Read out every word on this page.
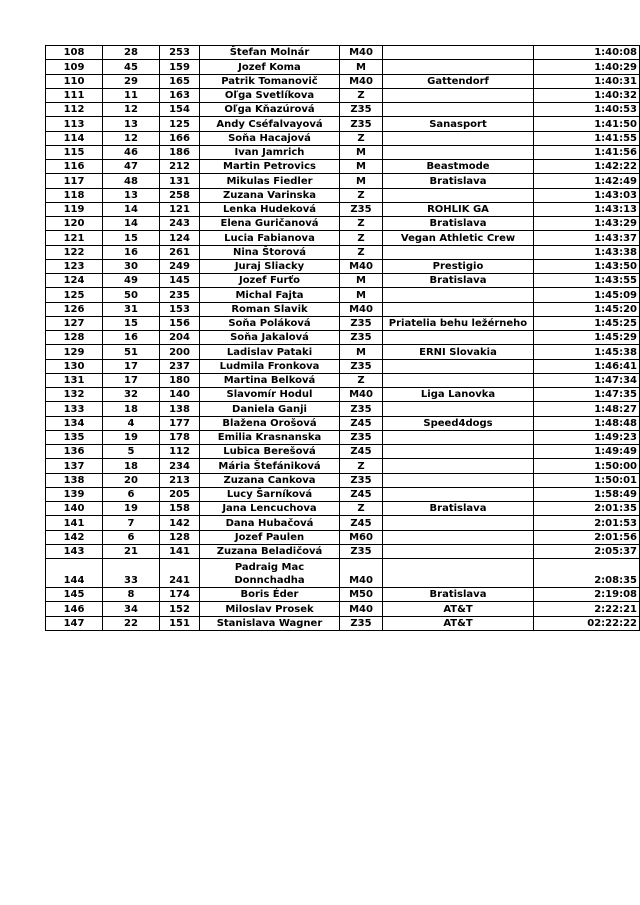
108	28	253	Štefan Molnár	M40		1:40:08
109	45	159	Jozef Koma	M		1:40:29
110	29	165	Patrik Tomanovič	M40	Gattendorf	1:40:31
111	11	163	Oľga Svetlíkova	Z		1:40:32
112	12	154	Oľga Kňazúrová	Z35		1:40:53
113	13	125	Andy Cséfalvayová	Z35	Sanasport	1:41:50
114	12	166	Soňa Hacajová	Z		1:41:55
115	46	186	Ivan Jamrich	M		1:41:56
116	47	212	Martin Petrovics	M	Beastmode	1:42:22
117	48	131	Mikulas Fiedler	M	Bratislava	1:42:49
118	13	258	Zuzana Varinska	Z		1:43:03
119	14	121	Lenka Hudeková	Z35	ROHLIK GA	1:43:13
120	14	243	Elena Guričanová	Z	Bratislava	1:43:29
121	15	124	Lucia Fabianova	Z	Vegan Athletic Crew	1:43:37
122	16	261	Nina Štorová	Z		1:43:38
123	30	249	Juraj Sliacky	M40	Prestigio	1:43:50
124	49	145	Jozef Furťo	M	Bratislava	1:43:55
125	50	235	Michal Fajta	M		1:45:09
126	31	153	Roman Slavik	M40		1:45:20
127	15	156	Soňa Poláková	Z35	Priatelia behu ležérneho	1:45:25
128	16	204	Soňa Jakalová	Z35		1:45:29
129	51	200	Ladislav Pataki	M	ERNI Slovakia	1:45:38
130	17	237	Ludmila Fronkova	Z35		1:46:41
131	17	180	Martina Belková	Z		1:47:34
132	32	140	Slavomír Hodul	M40	Liga Lanovka	1:47:35
133	18	138	Daniela Ganji	Z35		1:48:27
134	4	177	Blažena Orošová	Z45	Speed4dogs	1:48:48
135	19	178	Emilia Krasnanska	Z35		1:49:23
136	5	112	Lubica Berešová	Z45		1:49:49
137	18	234	Mária Štefániková	Z		1:50:00
138	20	213	Zuzana Cankova	Z35		1:50:01
139	6	205	Lucy Šarníková	Z45		1:58:49
140	19	158	Jana Lencuchova	Z	Bratislava	2:01:35
141	7	142	Dana Hubačová	Z45		2:01:53
142	6	128	Jozef Paulen	M60		2:01:56
143	21	141	Zuzana Beladičová	Z35		2:05:37
144	33	241	Padraig Mac Donnchadha	M40		2:08:35
145	8	174	Boris Éder	M50	Bratislava	2:19:08
146	34	152	Miloslav Prosek	M40	AT&T	2:22:21
147	22	151	Stanislava Wagner	Z35	AT&T	02:22:22
